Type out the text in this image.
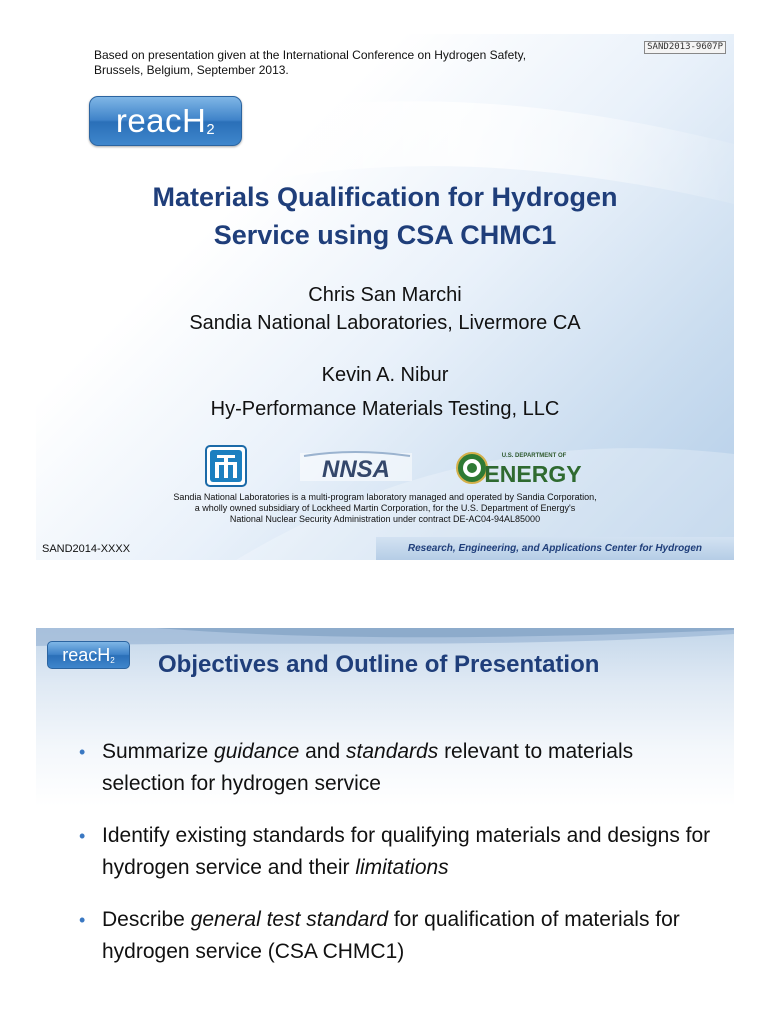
Based on presentation given at the International Conference on Hydrogen Safety,
Brussels, Belgium, September 2013.
SAND2013-9607P
reacH$_2$
Materials Qualification for Hydrogen
Service using CSA CHMC1
Chris San Marchi
Sandia National Laboratories, Livermore CA
Kevin A. Nibur
Hy-Performance Materials Testing, LLC
NNSA	U.S. DEPARTMENT OF
ENERGY
Sandia National Laboratories is a multi-program laboratory managed and operated by Sandia Corporation,
a wholly owned subsidiary of Lockheed Martin Corporation, for the U.S. Department of Energy's
National Nuclear Security Administration under contract DE-AC04-94AL85000
SAND2014-XXXX	Research, Engineering, and Applications Center for Hydrogen
reacH$_2$	Objectives and Outline of Presentation
• Summarize guidance and standards relevant to materials selection for hydrogen service
• Identify existing standards for qualifying materials and designs for hydrogen service and their limitations
• Describe general test standard for qualification of materials for hydrogen service (CSA CHMC1)
